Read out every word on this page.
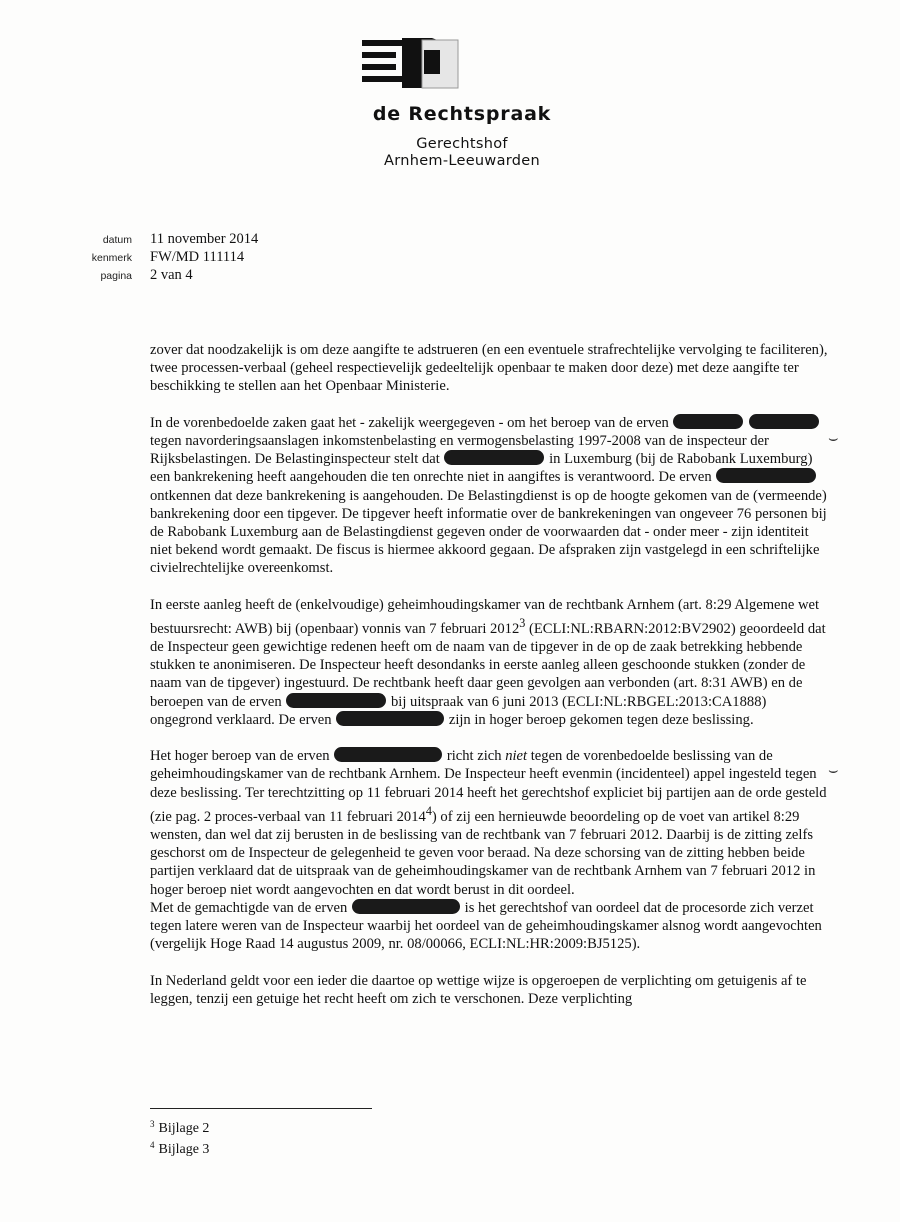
de Rechtspraak
Gerechtshof
Arnhem-Leeuwarden
datum	11 november 2014
kenmerk	FW/MD 111114
pagina	2 van 4

zover dat noodzakelijk is om deze aangifte te adstrueren (en een eventuele strafrechtelijke vervolging te faciliteren), twee processen-verbaal (geheel respectievelijk gedeeltelijk openbaar te maken door deze) met deze aangifte ter beschikking te stellen aan het Openbaar Ministerie.

In de vorenbedoelde zaken gaat het - zakelijk weergegeven - om het beroep van de erven   tegen navorderingsaanslagen inkomstenbelasting en vermogensbelasting 1997-2008 van de inspecteur der Rijksbelastingen. De Belastinginspecteur stelt dat	in Luxemburg (bij de Rabobank Luxemburg) een bankrekening heeft aangehouden die ten onrechte niet in aangiftes is verantwoord. De erven  ontkennen dat deze bankrekening is aangehouden. De Belastingdienst is op de hoogte gekomen van de (vermeende) bankrekening door een tipgever. De tipgever heeft informatie over de bankrekeningen van ongeveer 76 personen bij de Rabobank Luxemburg aan de Belastingdienst gegeven onder de voorwaarden dat - onder meer - zijn identiteit niet bekend wordt gemaakt. De fiscus is hiermee akkoord gegaan. De afspraken zijn vastgelegd in een schriftelijke civielrechtelijke overeenkomst.

In eerste aanleg heeft de (enkelvoudige) geheimhoudingskamer van de rechtbank Arnhem (art. 8:29 Algemene wet bestuursrecht: AWB) bij (openbaar) vonnis van 7 februari 2012$^3$ (ECLI:NL:RBARN:2012:BV2902) geoordeeld dat de Inspecteur geen gewichtige redenen heeft om de naam van de tipgever in de op de zaak betrekking hebbende stukken te anonimiseren. De Inspecteur heeft desondanks in eerste aanleg alleen geschoonde stukken (zonder de naam van de tipgever) ingestuurd. De rechtbank heeft daar geen gevolgen aan verbonden (art. 8:31 AWB) en de beroepen van de erven	bij uitspraak van 6 juni 2013 (ECLI:NL:RBGEL:2013:CA1888) ongegrond verklaard. De erven	zijn in hoger beroep gekomen tegen deze beslissing.

Het hoger beroep van de erven	richt zich niet tegen de vorenbedoelde beslissing van de geheimhoudingskamer van de rechtbank Arnhem. De Inspecteur heeft evenmin (incidenteel) appel ingesteld tegen deze beslissing. Ter terechtzitting op 11 februari 2014 heeft het gerechtshof expliciet bij partijen aan de orde gesteld (zie pag. 2 proces-verbaal van 11 februari 2014$^4$) of zij een hernieuwde beoordeling op de voet van artikel 8:29 wensten, dan wel dat zij berusten in de beslissing van de rechtbank van 7 februari 2012. Daarbij is de zitting zelfs geschorst om de Inspecteur de gelegenheid te geven voor beraad. Na deze schorsing van de zitting hebben beide partijen verklaard dat de uitspraak van de geheimhoudingskamer van de rechtbank Arnhem van 7 februari 2012 in hoger beroep niet wordt aangevochten en dat wordt berust in dit oordeel.

Met de gemachtigde van de erven	is het gerechtshof van oordeel dat de procesorde zich verzet tegen latere weren van de Inspecteur waarbij het oordeel van de geheimhoudingskamer alsnog wordt aangevochten (vergelijk Hoge Raad 14 augustus 2009, nr. 08/00066, ECLI:NL:HR:2009:BJ5125).

In Nederland geldt voor een ieder die daartoe op wettige wijze is opgeroepen de verplichting om getuigenis af te leggen, tenzij een getuige het recht heeft om zich te verschonen. Deze verplichting

$^3$ Bijlage 2
$^4$ Bijlage 3
⌣
⌣
